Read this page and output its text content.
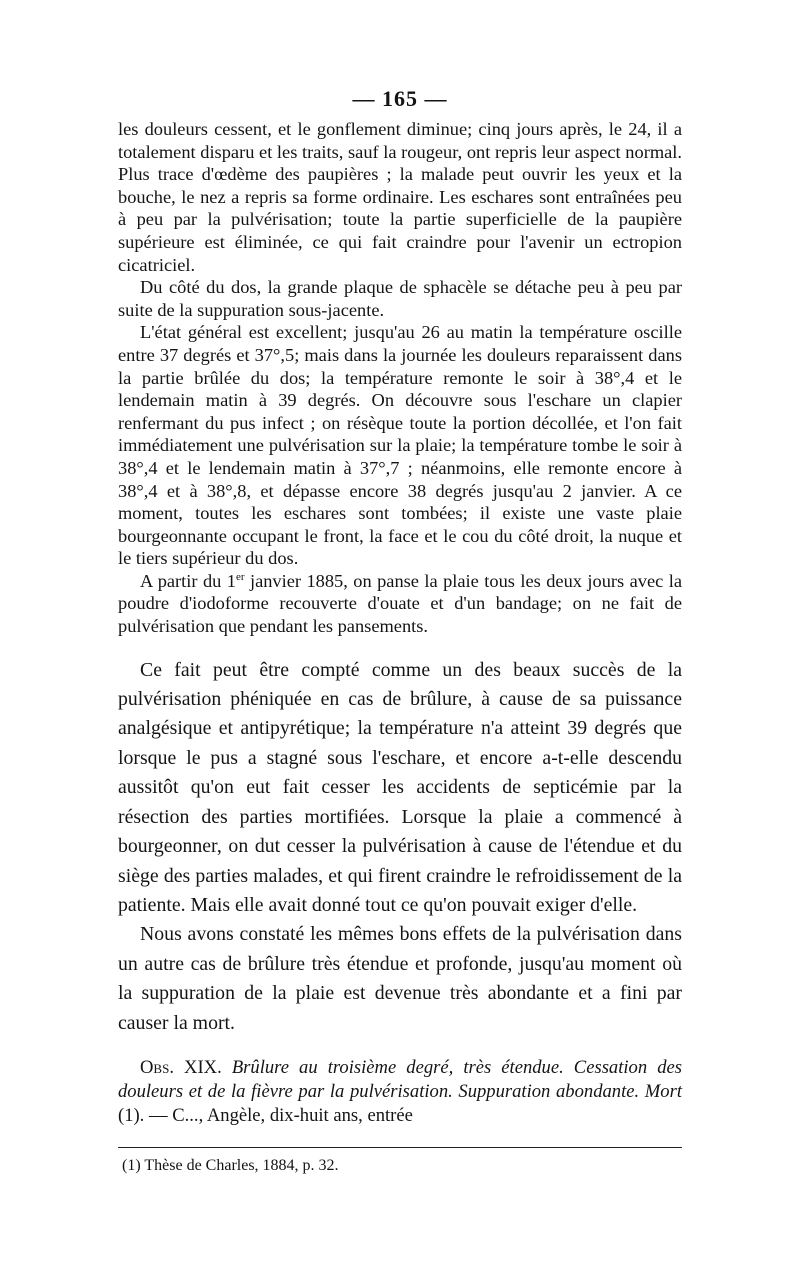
— 165 —

les douleurs cessent, et le gonflement diminue; cinq jours après, le 24, il a totalement disparu et les traits, sauf la rougeur, ont repris leur aspect normal. Plus trace d'œdème des paupières ; la malade peut ouvrir les yeux et la bouche, le nez a repris sa forme ordinaire. Les eschares sont entraînées peu à peu par la pulvérisation; toute la partie superficielle de la paupière supérieure est éliminée, ce qui fait craindre pour l'avenir un ectropion cicatriciel.

Du côté du dos, la grande plaque de sphacèle se détache peu à peu par suite de la suppuration sous-jacente.

L'état général est excellent; jusqu'au 26 au matin la température oscille entre 37 degrés et 37°,5; mais dans la journée les douleurs reparaissent dans la partie brûlée du dos; la température remonte le soir à 38°,4 et le lendemain matin à 39 degrés. On découvre sous l'eschare un clapier renfermant du pus infect ; on résèque toute la portion décollée, et l'on fait immédiatement une pulvérisation sur la plaie; la température tombe le soir à 38°,4 et le lendemain matin à 37°,7 ; néanmoins, elle remonte encore à 38°,4 et à 38°,8, et dépasse encore 38 degrés jusqu'au 2 janvier. A ce moment, toutes les eschares sont tombées; il existe une vaste plaie bourgeonnante occupant le front, la face et le cou du côté droit, la nuque et le tiers supérieur du dos.

A partir du 1er janvier 1885, on panse la plaie tous les deux jours avec la poudre d'iodoforme recouverte d'ouate et d'un bandage; on ne fait de pulvérisation que pendant les pansements.

Ce fait peut être compté comme un des beaux succès de la pulvérisation phéniquée en cas de brûlure, à cause de sa puissance analgésique et antipyrétique; la température n'a atteint 39 degrés que lorsque le pus a stagné sous l'eschare, et encore a-t-elle descendu aussitôt qu'on eut fait cesser les accidents de septicémie par la résection des parties mortifiées. Lorsque la plaie a commencé à bourgeonner, on dut cesser la pulvérisation à cause de l'étendue et du siège des parties malades, et qui firent craindre le refroidissement de la patiente. Mais elle avait donné tout ce qu'on pouvait exiger d'elle.

Nous avons constaté les mêmes bons effets de la pulvérisation dans un autre cas de brûlure très étendue et profonde, jusqu'au moment où la suppuration de la plaie est devenue très abondante et a fini par causer la mort.

Obs. XIX. Brûlure au troisième degré, très étendue. Cessation des douleurs et de la fièvre par la pulvérisation. Suppuration abondante. Mort (1). — C..., Angèle, dix-huit ans, entrée

(1) Thèse de Charles, 1884, p. 32.
